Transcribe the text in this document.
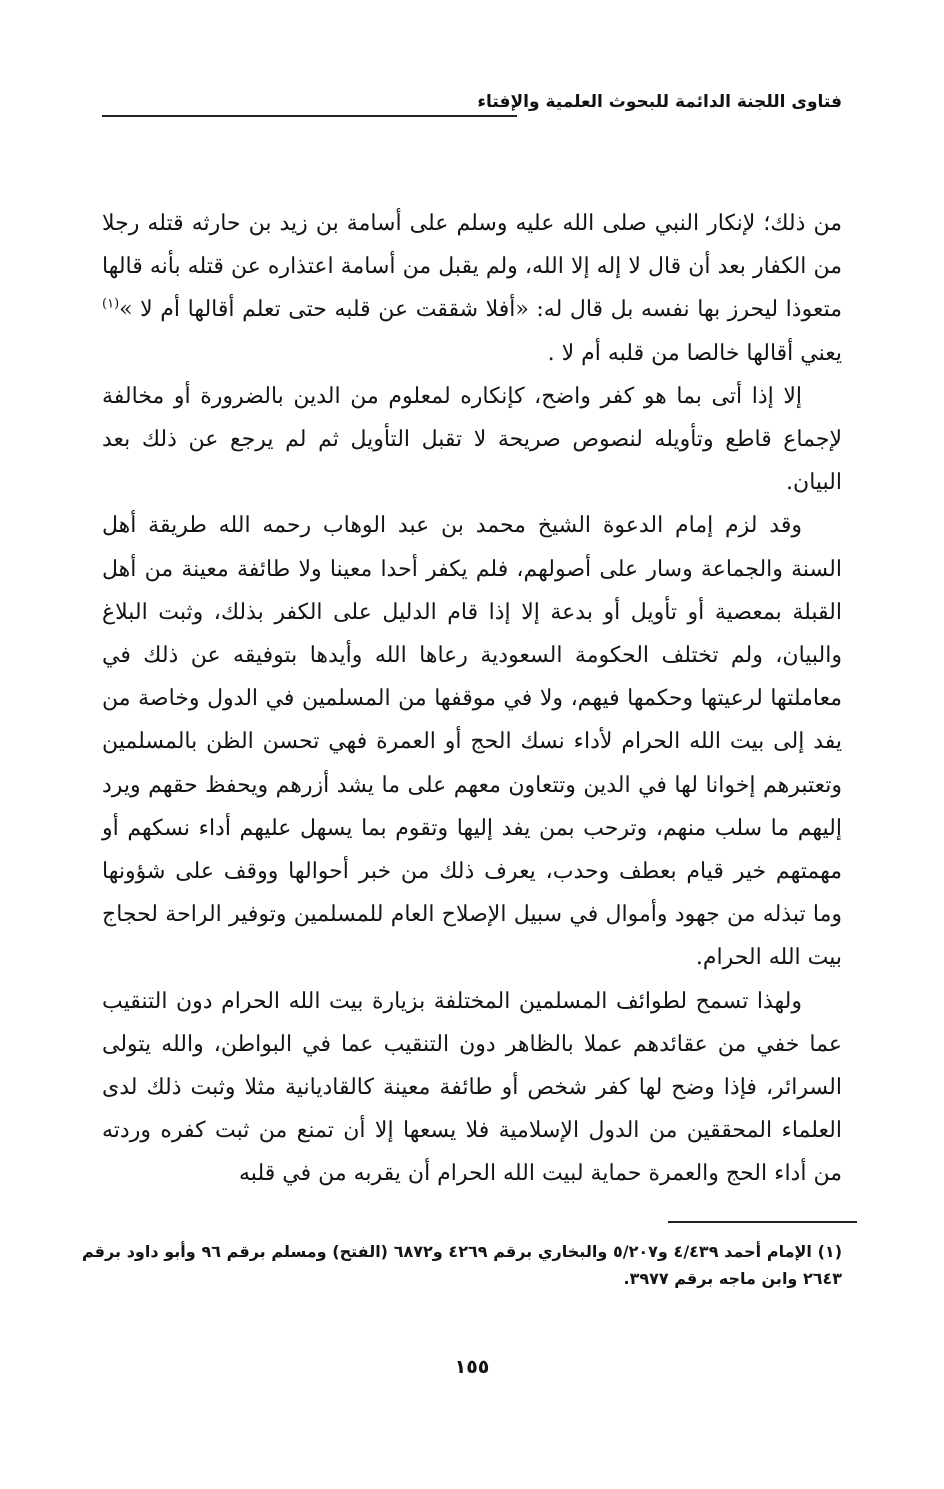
فتاوى اللجنة الدائمة للبحوث العلمية والإفتاء

من ذلك؛ لإنكار النبي صلى الله عليه وسلم على أسامة بن زيد بن حارثه قتله رجلا من الكفار بعد أن قال لا إله إلا الله، ولم يقبل من أسامة اعتذاره عن قتله بأنه قالها متعوذا ليحرز بها نفسه بل قال له: «أفلا شققت عن قلبه حتى تعلم أقالها أم لا »$^{(١)}$ يعني أقالها خالصا من قلبه أم لا .

إلا إذا أتى بما هو كفر واضح، كإنكاره لمعلوم من الدين بالضرورة أو مخالفة لإجماع قاطع وتأويله لنصوص صريحة لا تقبل التأويل ثم لم يرجع عن ذلك بعد البيان.

وقد لزم إمام الدعوة الشيخ محمد بن عبد الوهاب رحمه الله طريقة أهل السنة والجماعة وسار على أصولهم، فلم يكفر أحدا معينا ولا طائفة معينة من أهل القبلة بمعصية أو تأويل أو بدعة إلا إذا قام الدليل على الكفر بذلك، وثبت البلاغ والبيان، ولم تختلف الحكومة السعودية رعاها الله وأيدها بتوفيقه عن ذلك في معاملتها لرعيتها وحكمها فيهم، ولا في موقفها من المسلمين في الدول وخاصة من يفد إلى بيت الله الحرام لأداء نسك الحج أو العمرة فهي تحسن الظن بالمسلمين وتعتبرهم إخوانا لها في الدين وتتعاون معهم على ما يشد أزرهم ويحفظ حقهم ويرد إليهم ما سلب منهم، وترحب بمن يفد إليها وتقوم بما يسهل عليهم أداء نسكهم أو مهمتهم خير قيام بعطف وحدب، يعرف ذلك من خبر أحوالها ووقف على شؤونها وما تبذله من جهود وأموال في سبيل الإصلاح العام للمسلمين وتوفير الراحة لحجاج بيت الله الحرام.

ولهذا تسمح لطوائف المسلمين المختلفة بزيارة بيت الله الحرام دون التنقيب عما خفي من عقائدهم عملا بالظاهر دون التنقيب عما في البواطن، والله يتولى السرائر، فإذا وضح لها كفر شخص أو طائفة معينة كالقاديانية مثلا وثبت ذلك لدى العلماء المحققين من الدول الإسلامية فلا يسعها إلا أن تمنع من ثبت كفره وردته من أداء الحج والعمرة حماية لبيت الله الحرام أن يقربه من في قلبه

(١) الإمام أحمد ٤/٤٣٩ و٥/٢٠٧ والبخاري برقم ٤٢٦٩ و٦٨٧٢ (الفتح) ومسلم برقم ٩٦ وأبو داود برقم ٢٦٤٣ وابن ماجه برقم ٣٩٧٧.

١٥٥
